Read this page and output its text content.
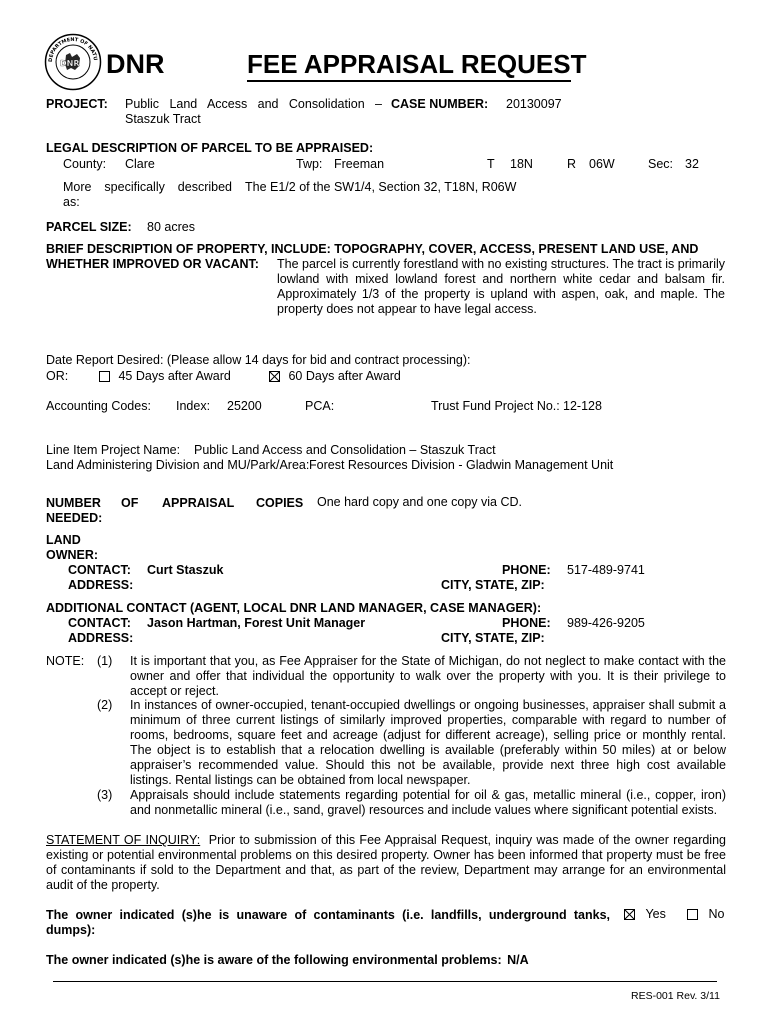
DEPARTMENT OF NATU
DNR DNR	FEE APPRAISAL REQUEST
PROJECT: Public Land Access and Consolidation –
Staszuk Tract
CASE NUMBER: 20130097
LEGAL DESCRIPTION OF PARCEL TO BE APPRAISED:
County: Clare	Twp: Freeman	T 18N	R 06W	Sec: 32
More specifically described
as:
The E1/2 of the SW1/4, Section 32, T18N, R06W
PARCEL SIZE: 80 acres
BRIEF DESCRIPTION OF PROPERTY, INCLUDE: TOPOGRAPHY, COVER, ACCESS, PRESENT LAND USE, AND
WHETHER IMPROVED OR VACANT: The parcel is currently forestland with no existing structures. The tract is primarily lowland with mixed lowland forest and northern white cedar and balsam fir. Approximately 1/3 of the property is upland with aspen, oak, and maple. The property does not appear to have legal access.
Date Report Desired: (Please allow 14 days for bid and contract processing):
OR:	45 Days after Award	60 Days after Award
Accounting Codes: Index: 25200	PCA:	Trust Fund Project No.: 12-128
Line Item Project Name: Public Land Access and Consolidation – Staszuk Tract
Land Administering Division and MU/Park/Area: Forest Resources Division - Gladwin Management Unit
NUMBER OF APPRAISAL COPIES
NEEDED:
One hard copy and one copy via CD.
LAND
OWNER:
CONTACT: Curt Staszuk	PHONE: 517-489-9741
ADDRESS:	CITY, STATE, ZIP:
ADDITIONAL CONTACT (AGENT, LOCAL DNR LAND MANAGER, CASE MANAGER):
CONTACT: Jason Hartman, Forest Unit Manager	PHONE: 989-426-9205
ADDRESS:	CITY, STATE, ZIP:
NOTE: (1) It is important that you, as Fee Appraiser for the State of Michigan, do not neglect to make contact with the owner and offer that individual the opportunity to walk over the property with you. It is their privilege to accept or reject.
(2) In instances of owner-occupied, tenant-occupied dwellings or ongoing businesses, appraiser shall submit a minimum of three current listings of similarly improved properties, comparable with regard to number of rooms, bedrooms, square feet and acreage (adjust for different acreage), selling price or monthly rental. The object is to establish that a relocation dwelling is available (preferably within 50 miles) at or below appraiser’s recommended value. Should this not be available, provide next three high cost available listings. Rental listings can be obtained from local newspaper.
(3) Appraisals should include statements regarding potential for oil & gas, metallic mineral (i.e., copper, iron) and nonmetallic mineral (i.e., sand, gravel) resources and include values where significant potential exists.
STATEMENT OF INQUIRY: Prior to submission of this Fee Appraisal Request, inquiry was made of the owner regarding existing or potential environmental problems on this desired property. Owner has been informed that property must be free of contaminants if sold to the Department and that, as part of the review, Department may arrange for an environmental audit of the property.
The owner indicated (s)he is unaware of contaminants (i.e. landfills, underground tanks,
dumps):
Yes	No
The owner indicated (s)he is aware of the following environmental problems: N/A
RES-001 Rev. 3/11
